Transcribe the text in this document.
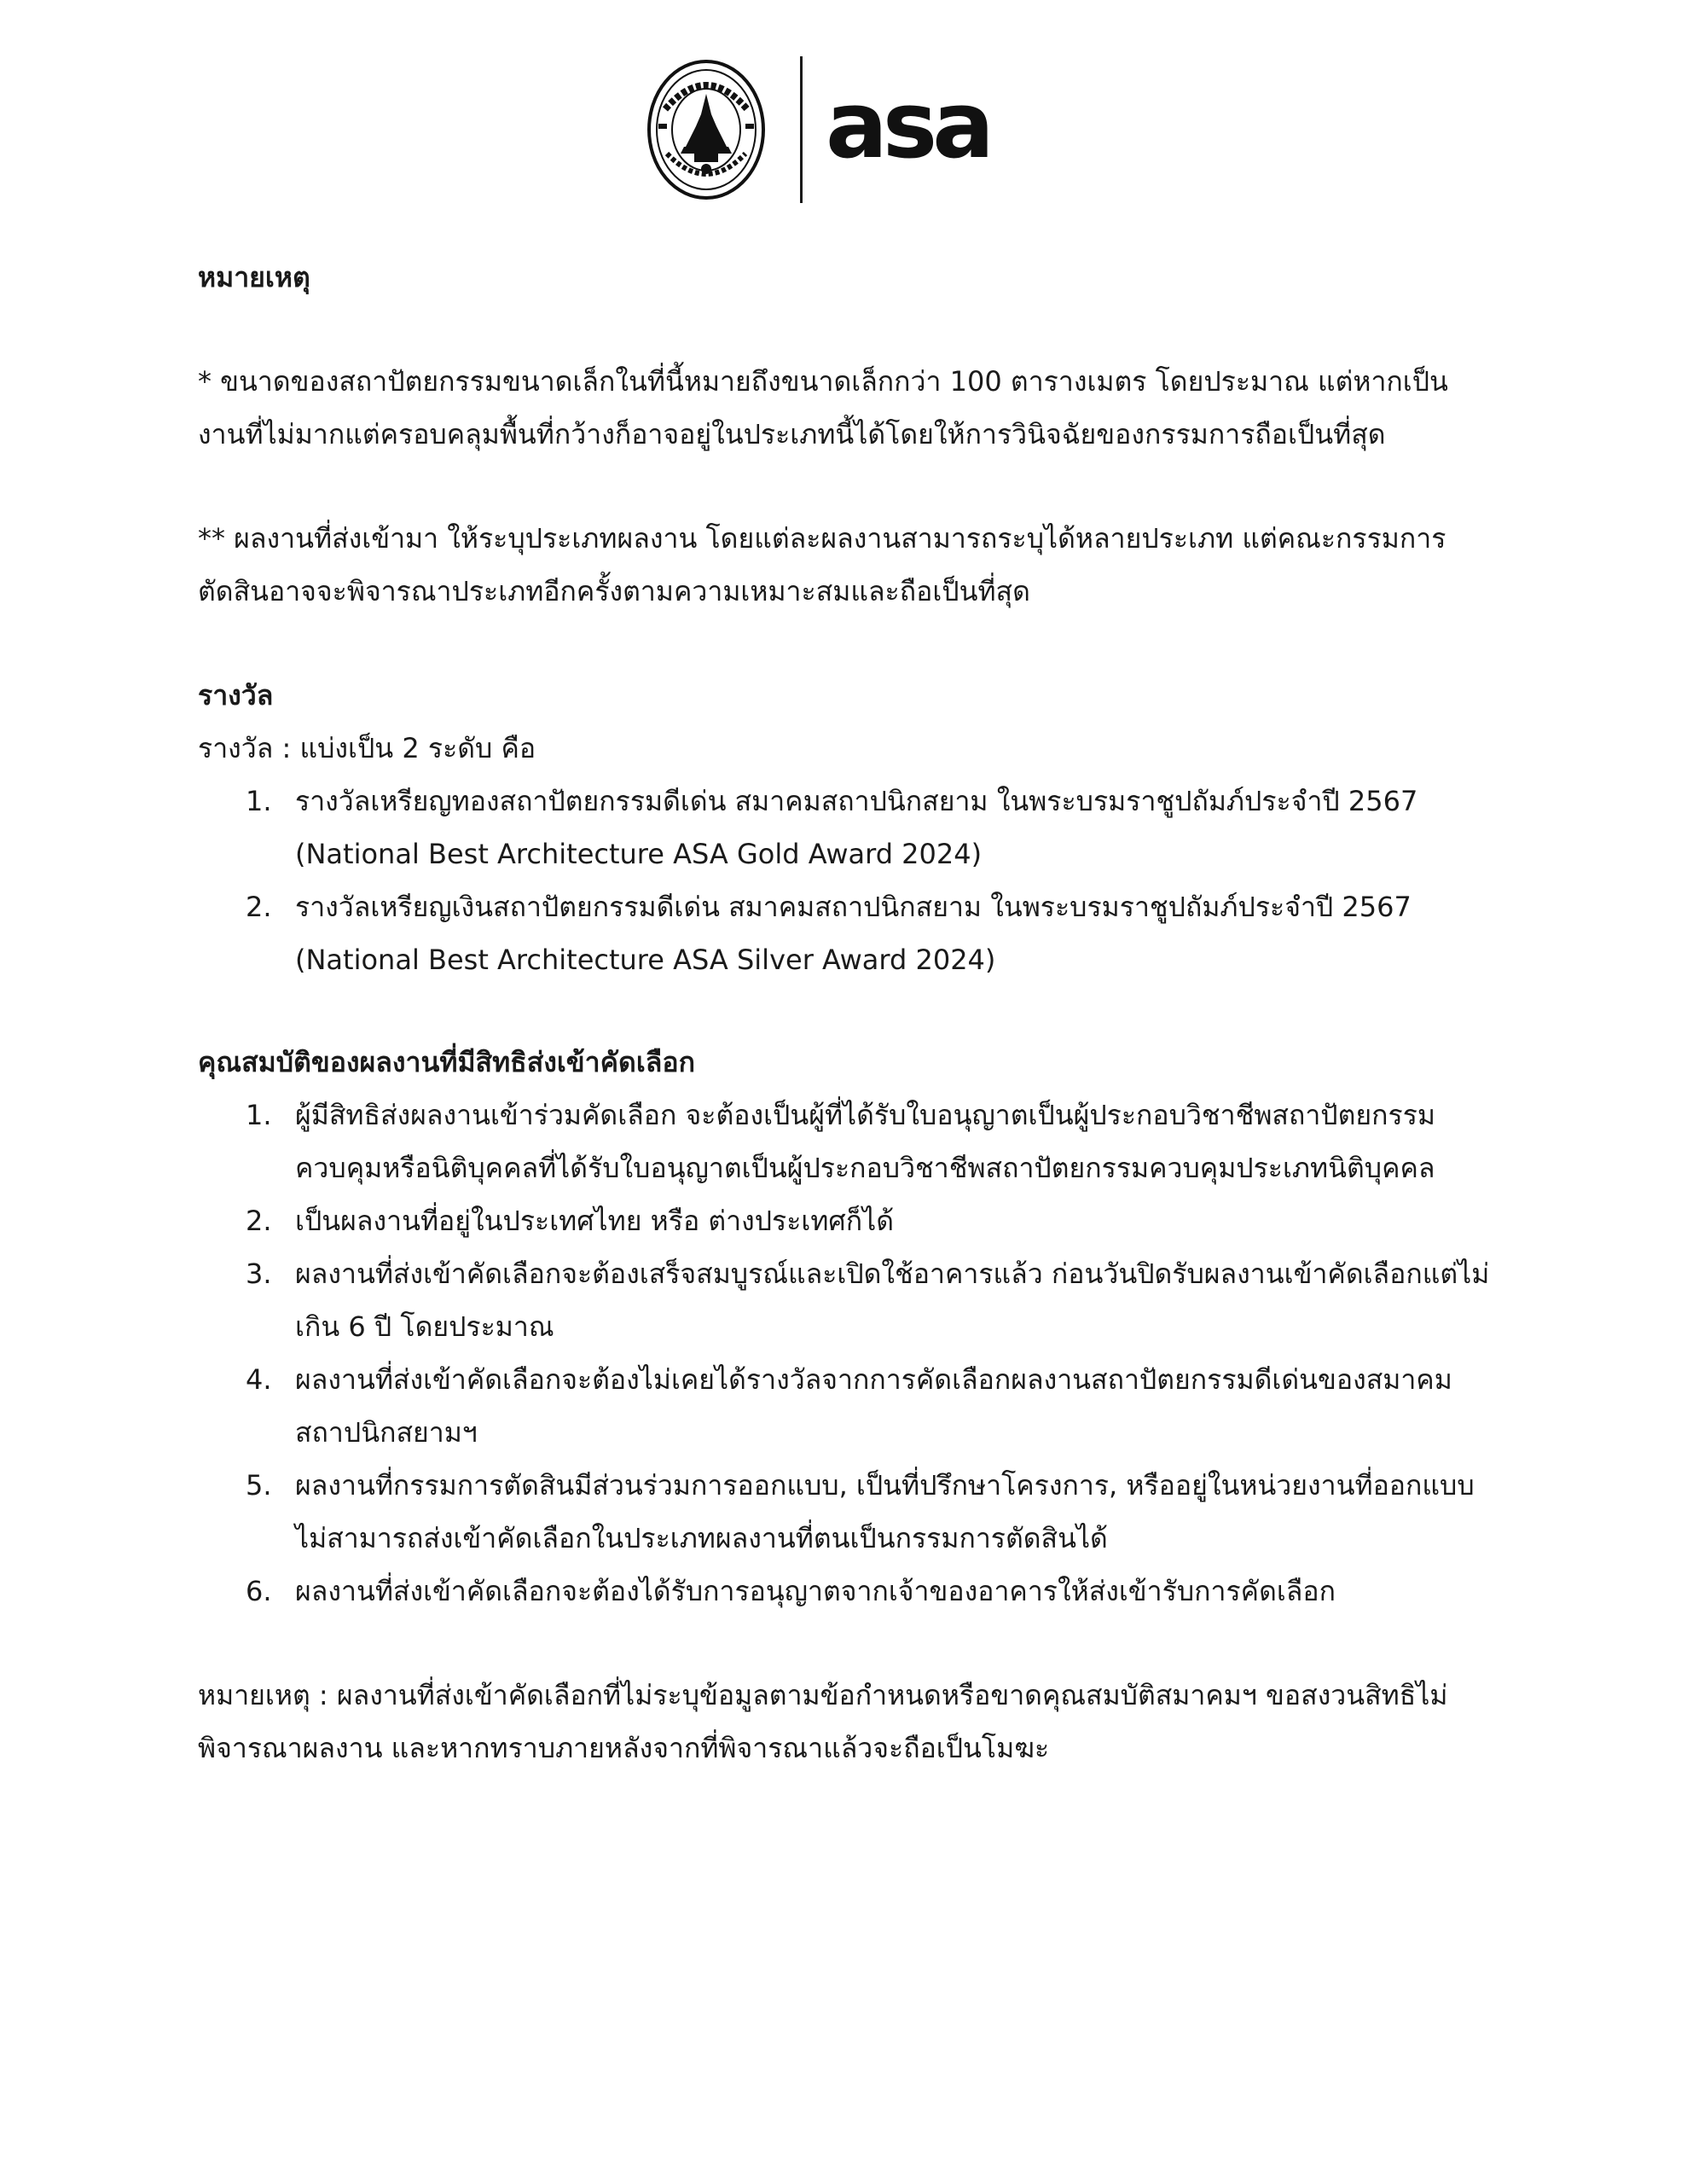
asa

หมายเหตุ

* ขนาดของสถาปัตยกรรมขนาดเล็กในที่นี้หมายถึงขนาดเล็กกว่า 100 ตารางเมตร โดยประมาณ แต่หากเป็นงานที่ไม่มากแต่ครอบคลุมพื้นที่กว้างก็อาจอยู่ในประเภทนี้ได้โดยให้การวินิจฉัยของกรรมการถือเป็นที่สุด

** ผลงานที่ส่งเข้ามา ให้ระบุประเภทผลงาน โดยแต่ละผลงานสามารถระบุได้หลายประเภท แต่คณะกรรมการตัดสินอาจจะพิจารณาประเภทอีกครั้งตามความเหมาะสมและถือเป็นที่สุด

รางวัล

รางวัล : แบ่งเป็น 2 ระดับ คือ

1. รางวัลเหรียญทองสถาปัตยกรรมดีเด่น สมาคมสถาปนิกสยาม ในพระบรมราชูปถัมภ์ประจำปี 2567
(National Best Architecture ASA Gold Award 2024)
2. รางวัลเหรียญเงินสถาปัตยกรรมดีเด่น สมาคมสถาปนิกสยาม ในพระบรมราชูปถัมภ์ประจำปี 2567
(National Best Architecture ASA Silver Award 2024)

คุณสมบัติของผลงานที่มีสิทธิส่งเข้าคัดเลือก

1. ผู้มีสิทธิส่งผลงานเข้าร่วมคัดเลือก จะต้องเป็นผู้ที่ได้รับใบอนุญาตเป็นผู้ประกอบวิชาชีพสถาปัตยกรรมควบคุมหรือนิติบุคคลที่ได้รับใบอนุญาตเป็นผู้ประกอบวิชาชีพสถาปัตยกรรมควบคุมประเภทนิติบุคคล
2. เป็นผลงานที่อยู่ในประเทศไทย หรือ ต่างประเทศก็ได้
3. ผลงานที่ส่งเข้าคัดเลือกจะต้องเสร็จสมบูรณ์และเปิดใช้อาคารแล้ว ก่อนวันปิดรับผลงานเข้าคัดเลือกแต่ไม่เกิน 6 ปี โดยประมาณ
4. ผลงานที่ส่งเข้าคัดเลือกจะต้องไม่เคยได้รางวัลจากการคัดเลือกผลงานสถาปัตยกรรมดีเด่นของสมาคมสถาปนิกสยามฯ
5. ผลงานที่กรรมการตัดสินมีส่วนร่วมการออกแบบ, เป็นที่ปรึกษาโครงการ, หรืออยู่ในหน่วยงานที่ออกแบบไม่สามารถส่งเข้าคัดเลือกในประเภทผลงานที่ตนเป็นกรรมการตัดสินได้
6. ผลงานที่ส่งเข้าคัดเลือกจะต้องได้รับการอนุญาตจากเจ้าของอาคารให้ส่งเข้ารับการคัดเลือก

หมายเหตุ : ผลงานที่ส่งเข้าคัดเลือกที่ไม่ระบุข้อมูลตามข้อกำหนดหรือขาดคุณสมบัติสมาคมฯ ขอสงวนสิทธิไม่พิจารณาผลงาน และหากทราบภายหลังจากที่พิจารณาแล้วจะถือเป็นโมฆะ
